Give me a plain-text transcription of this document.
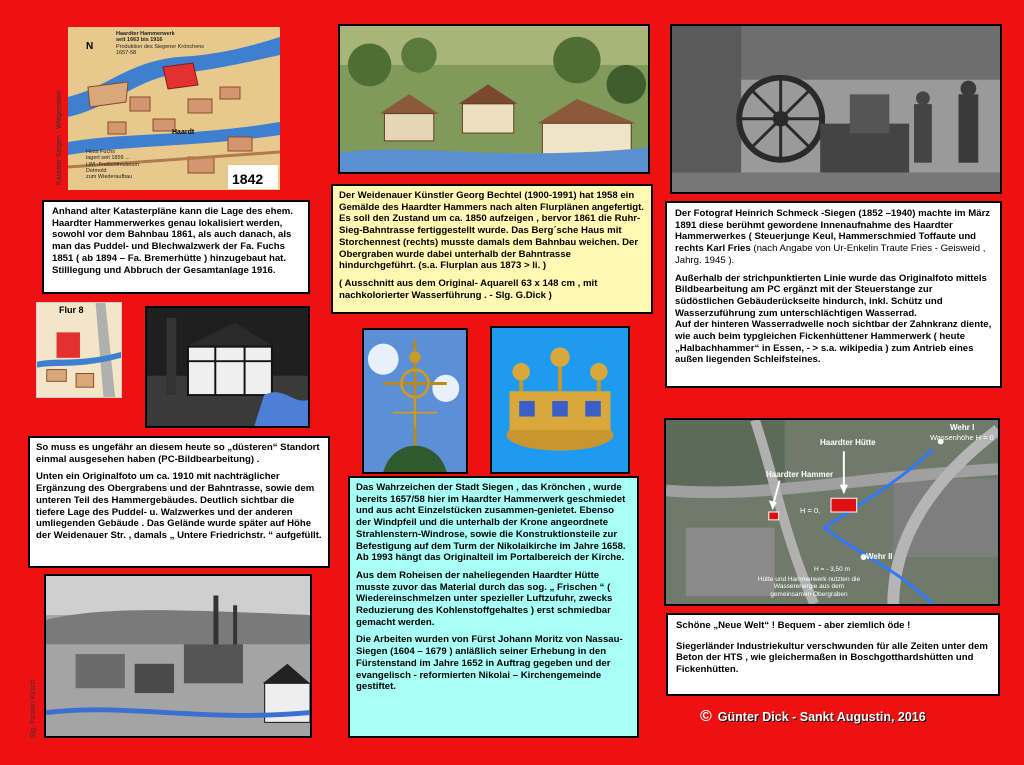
1842
N
Haardter Hammerwerk
seit 1663 bis 1916
Produktion des Siegener Krönchens
1657-58
Haardt
Hess Fuchs
lagert seit 1859 ...
LWL-Freilichtmuseum
Detmold
zum Wiederaufbau
Kataster Siegen - Wittgenstein

Anhand alter Katasterpläne kann die Lage des ehem. Haardter Hammerwerkes genau lokalisiert werden, sowohl vor dem Bahnbau 1861, als auch danach, als man das Puddel- und Blechwalzwerk der Fa. Fuchs 1851 ( ab 1894 – Fa. Bremerhütte ) hinzugebaut hat.

Stilllegung und Abbruch der Gesamtanlage 1916.

Der Weidenauer Künstler Georg Bechtel (1900-1991) hat 1958 ein Gemälde des Haardter Hammers nach alten Flurplänen angefertigt. Es soll den Zustand um ca. 1850 aufzeigen , bervor 1861 die Ruhr-Sieg-Bahntrasse fertiggestellt wurde. Das Berg´sche Haus mit Storchennest (rechts) musste damals dem Bahnbau weichen. Der Obergraben wurde dabei unterhalb der Bahntrasse hindurchgeführt. (s.a. Flurplan aus 1873 > li. )

( Ausschnitt aus dem Original- Aquarell 63 x 148 cm , mit nachkolorierter Wasserführung . - Slg. G.Dick )

Der Fotograf Heinrich Schmeck -Siegen (1852 –1940) machte im März 1891 diese berühmt gewordene Innenaufnahme des Haardter Hammerwerkes ( Steuerjunge Keul, Hammerschmied Toffaute und rechts Karl Fries (nach Angabe von Ur-Enkelin Traute Fries - Geisweid , Jahrg. 1945 ).

Außerhalb der strichpunktierten Linie wurde das Originalfoto mittels Bildbearbeitung am PC ergänzt mit der Steuerstange zur südöstlichen Gebäuderückseite hindurch, inkl. Schütz und Wasserzuführung zum unterschlächtigen Wasserrad.

Auf der hinteren Wasserradwelle noch sichtbar der Zahnkranz diente, wie auch beim typgleichen Fickenhüttener Hammerwerk ( heute „Halbachhammer“ in Essen, - > s.a. wikipedia ) zum Antrieb eines außen liegenden Schleifsteines.

Flur 8

So muss es ungefähr an diesem heute so „düsteren“ Standort einmal ausgesehen haben (PC-Bildbearbeitung) .

Unten ein Originalfoto um ca. 1910 mit nachträglicher Ergänzung des Obergrabens und der Bahntrasse, sowie dem unteren Teil des Hammergebäudes. Deutlich sichtbar die tiefere Lage des Puddel- u. Walzwerkes und der anderen umliegenden Gebäude . Das Gelände wurde später auf Höhe der Weidenauer Str. , damals „ Untere Friedrichstr. “ aufgefüllt.

Slg. Torsten Kirsch

Das Wahrzeichen der Stadt Siegen , das Krönchen , wurde bereits 1657/58 hier im Haardter Hammerwerk geschmiedet und aus acht Einzelstücken zusammen-genietet. Ebenso der Windpfeil und die unterhalb der Krone angeordnete Strahlenstern-Windrose, sowie die Konstruktionsteile zur Befestigung auf dem Turm der Nikolaikirche im Jahre 1658. Ab 1993 hängt das Originalteil im Portalbereich der Kirche.

Aus dem Roheisen der naheliegenden Haardter Hütte musste zuvor das Material durch das sog. „ Frischen “ ( Wiedereinschmelzen unter spezieller Luftzufuhr, zwecks Reduzierung des Kohlenstoffgehaltes ) erst schmiedbar gemacht werden.

Die Arbeiten wurden von Fürst Johann Moritz von Nassau-Siegen (1604 – 1679 ) anläßlich seiner Erhebung in den Fürstenstand im Jahre 1652 in Auftrag gegeben und der evangelisch - reformierten Nikolai – Kirchengemeinde gestiftet.

Wehr I
Wassenhöhe H = 0
Haardter Hütte
Haardter Hammer
H = 0,
Wehr II
H = - 3,50 m
Hütte und Hammerwerk nutzten die Wasserenergie aus dem gemeinsamen Obergraben

Schöne „Neue Welt“ ! Bequem - aber ziemlich öde !

Siegerländer Industriekultur verschwunden für alle Zeiten unter dem Beton der HTS , wie gleichermaßen in Boschgotthardshütten und Fickenhütten.

© Günter Dick - Sankt Augustin, 2016
